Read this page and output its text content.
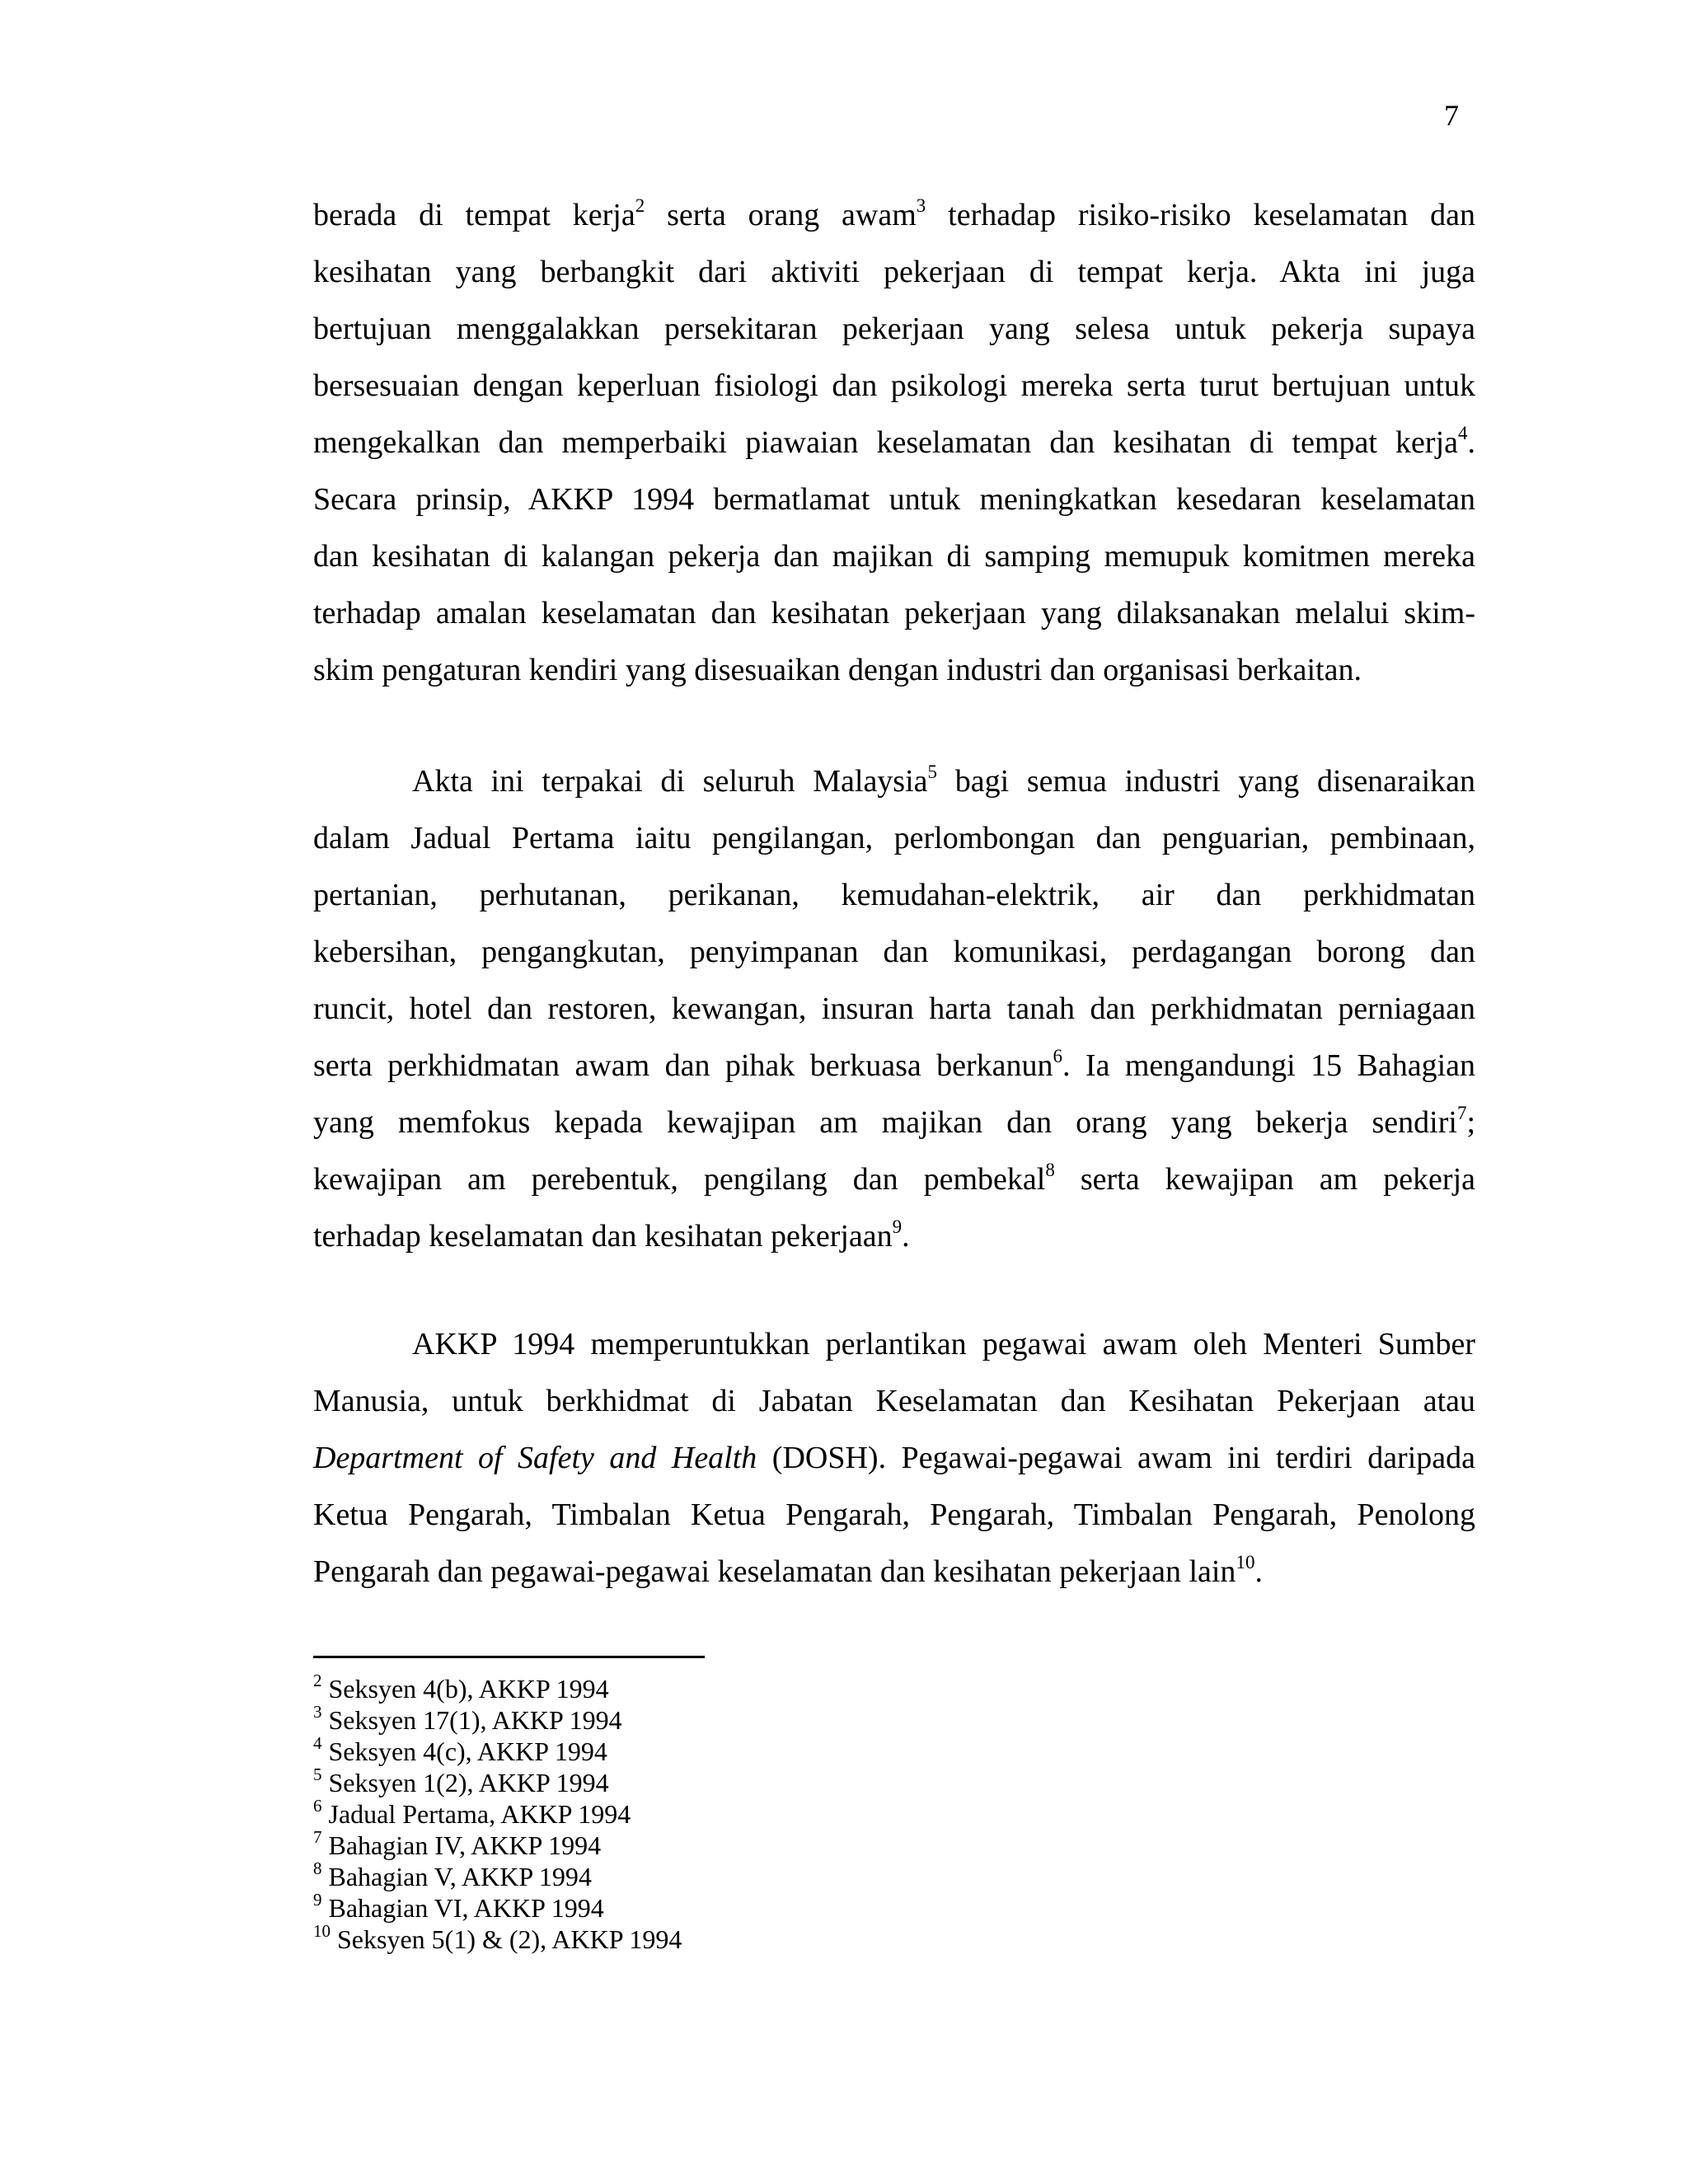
7
berada di tempat kerja$^2$ serta orang awam$^3$ terhadap risiko-risiko keselamatan dan
kesihatan yang berbangkit dari aktiviti pekerjaan di tempat kerja. Akta ini juga
bertujuan menggalakkan persekitaran pekerjaan yang selesa untuk pekerja supaya
bersesuaian dengan keperluan fisiologi dan psikologi mereka serta turut bertujuan untuk
mengekalkan dan memperbaiki piawaian keselamatan dan kesihatan di tempat kerja$^4$.
Secara prinsip, AKKP 1994 bermatlamat untuk meningkatkan kesedaran keselamatan
dan kesihatan di kalangan pekerja dan majikan di samping memupuk komitmen mereka
terhadap amalan keselamatan dan kesihatan pekerjaan yang dilaksanakan melalui skim-
skim pengaturan kendiri yang disesuaikan dengan industri dan organisasi berkaitan.
Akta ini terpakai di seluruh Malaysia$^5$ bagi semua industri yang disenaraikan
dalam Jadual Pertama iaitu pengilangan, perlombongan dan penguarian, pembinaan,
pertanian, perhutanan, perikanan, kemudahan-elektrik, air dan perkhidmatan
kebersihan, pengangkutan, penyimpanan dan komunikasi, perdagangan borong dan
runcit, hotel dan restoren, kewangan, insuran harta tanah dan perkhidmatan perniagaan
serta perkhidmatan awam dan pihak berkuasa berkanun$^6$. Ia mengandungi 15 Bahagian
yang memfokus kepada kewajipan am majikan dan orang yang bekerja sendiri$^7$;
kewajipan am perebentuk, pengilang dan pembekal$^8$ serta kewajipan am pekerja
terhadap keselamatan dan kesihatan pekerjaan$^9$.
AKKP 1994 memperuntukkan perlantikan pegawai awam oleh Menteri Sumber
Manusia, untuk berkhidmat di Jabatan Keselamatan dan Kesihatan Pekerjaan atau
Department of Safety and Health (DOSH). Pegawai-pegawai awam ini terdiri daripada
Ketua Pengarah, Timbalan Ketua Pengarah, Pengarah, Timbalan Pengarah, Penolong
Pengarah dan pegawai-pegawai keselamatan dan kesihatan pekerjaan lain$^{10}$.
$^2$ Seksyen 4(b), AKKP 1994
$^3$ Seksyen 17(1), AKKP 1994
$^4$ Seksyen 4(c), AKKP 1994
$^5$ Seksyen 1(2), AKKP 1994
$^6$ Jadual Pertama, AKKP 1994
$^7$ Bahagian IV, AKKP 1994
$^8$ Bahagian V, AKKP 1994
$^9$ Bahagian VI, AKKP 1994
$^{10}$ Seksyen 5(1) & (2), AKKP 1994
